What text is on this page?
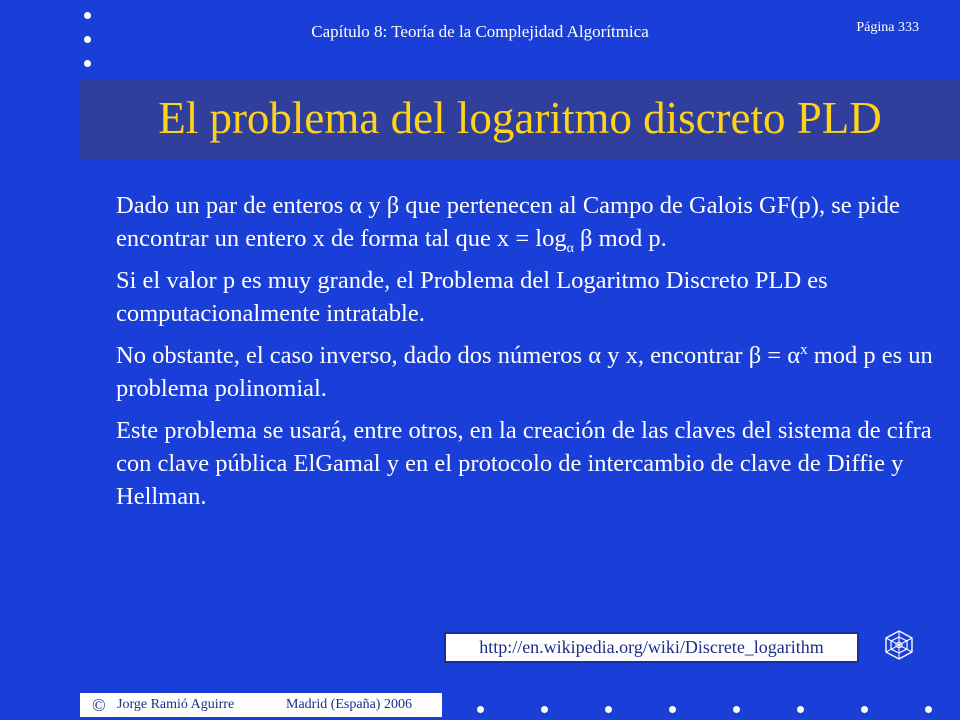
Capítulo 8: Teoría de la Complejidad Algorítmica	Página 333
El problema del logaritmo discreto PLD

Dado un par de enteros α y β que pertenecen al Campo de Galois GF(p), se pide encontrar un entero x de forma tal que $x = \log_\alpha \beta$ mod p.

Si el valor p es muy grande, el Problema del Logaritmo Discreto PLD es computacionalmente intratable.

No obstante, el caso inverso, dado dos números α y x, encontrar $\beta = \alpha^x$ mod p es un problema polinomial.

Este problema se usará, entre otros, en la creación de las claves del sistema de cifra con clave pública ElGamal y en el protocolo de intercambio de clave de Diffie y Hellman.

http://en.wikipedia.org/wiki/Discrete_logarithm
© Jorge Ramió Aguirre	Madrid (España) 2006
